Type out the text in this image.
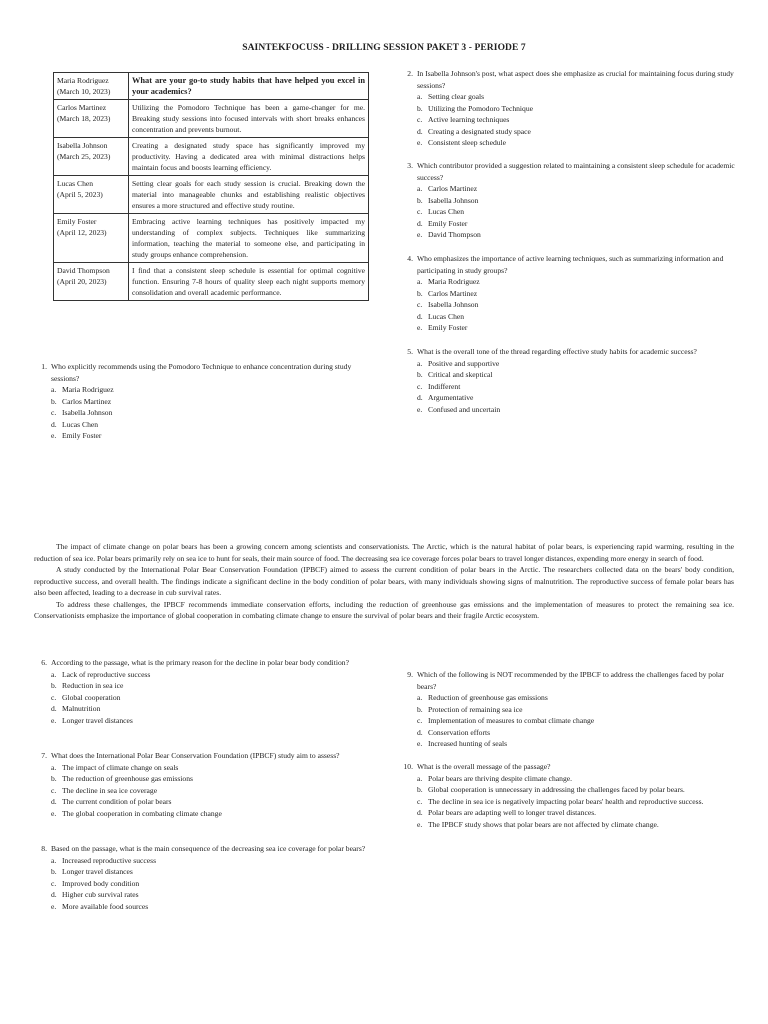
SAINTEKFOCUSS - DRILLING SESSION PAKET 3 - PERIODE 7
Maria Rodriguez
(March 10, 2023)	What are your go-to study habits that have helped you excel in your academics?

Carlos Martinez
(March 18, 2023)	Utilizing the Pomodoro Technique has been a game-changer for me. Breaking study sessions into focused intervals with short breaks enhances concentration and prevents burnout.

Isabella Johnson
(March 25, 2023)	Creating a designated study space has significantly improved my productivity. Having a dedicated area with minimal distractions helps maintain focus and boosts learning efficiency.

Lucas Chen
(April 5, 2023)	Setting clear goals for each study session is crucial. Breaking down the material into manageable chunks and establishing realistic objectives ensures a more structured and effective study routine.

Emily Foster
(April 12, 2023)	Embracing active learning techniques has positively impacted my understanding of complex subjects. Techniques like summarizing information, teaching the material to someone else, and participating in study groups enhance comprehension.

David Thompson
(April 20, 2023)	I find that a consistent sleep schedule is essential for optimal cognitive function. Ensuring 7-8 hours of quality sleep each night supports memory consolidation and overall academic performance.
1. Who explicitly recommends using the Pomodoro Technique to enhance concentration during study sessions?
a. Maria Rodriguez
b. Carlos Martinez
c. Isabella Johnson
d. Lucas Chen
e. Emily Foster
2. In Isabella Johnson's post, what aspect does she emphasize as crucial for maintaining focus during study sessions?
a. Setting clear goals
b. Utilizing the Pomodoro Technique
c. Active learning techniques
d. Creating a designated study space
e. Consistent sleep schedule
3. Which contributor provided a suggestion related to maintaining a consistent sleep schedule for academic success?
a. Carlos Martinez
b. Isabella Johnson
c. Lucas Chen
d. Emily Foster
e. David Thompson
4. Who emphasizes the importance of active learning techniques, such as summarizing information and participating in study groups?
a. Maria Rodriguez
b. Carlos Martinez
c. Isabella Johnson
d. Lucas Chen
e. Emily Foster
5. What is the overall tone of the thread regarding effective study habits for academic success?
a. Positive and supportive
b. Critical and skeptical
c. Indifferent
d. Argumentative
e. Confused and uncertain

The impact of climate change on polar bears has been a growing concern among scientists and conservationists. The Arctic, which is the natural habitat of polar bears, is experiencing rapid warming, resulting in the reduction of sea ice. Polar bears primarily rely on sea ice to hunt for seals, their main source of food. The decreasing sea ice coverage forces polar bears to travel longer distances, expending more energy in search of food.

A study conducted by the International Polar Bear Conservation Foundation (IPBCF) aimed to assess the current condition of polar bears in the Arctic. The researchers collected data on the bears' body condition, reproductive success, and overall health. The findings indicate a significant decline in the body condition of polar bears, with many individuals showing signs of malnutrition. The reproductive success of female polar bears has also been affected, leading to a decrease in cub survival rates.

To address these challenges, the IPBCF recommends immediate conservation efforts, including the reduction of greenhouse gas emissions and the implementation of measures to protect the remaining sea ice. Conservationists emphasize the importance of global cooperation in combating climate change to ensure the survival of polar bears and their fragile Arctic ecosystem.

6. According to the passage, what is the primary reason for the decline in polar bear body condition?
a. Lack of reproductive success
b. Reduction in sea ice
c. Global cooperation
d. Malnutrition
e. Longer travel distances
7. What does the International Polar Bear Conservation Foundation (IPBCF) study aim to assess?
a. The impact of climate change on seals
b. The reduction of greenhouse gas emissions
c. The decline in sea ice coverage
d. The current condition of polar bears
e. The global cooperation in combating climate change
8. Based on the passage, what is the main consequence of the decreasing sea ice coverage for polar bears?
a. Increased reproductive success
b. Longer travel distances
c. Improved body condition
d. Higher cub survival rates
e. More available food sources
9. Which of the following is NOT recommended by the IPBCF to address the challenges faced by polar bears?
a. Reduction of greenhouse gas emissions
b. Protection of remaining sea ice
c. Implementation of measures to combat climate change
d. Conservation efforts
e. Increased hunting of seals
10. What is the overall message of the passage?
a. Polar bears are thriving despite climate change.
b. Global cooperation is unnecessary in addressing the challenges faced by polar bears.
c. The decline in sea ice is negatively impacting polar bears' health and reproductive success.
d. Polar bears are adapting well to longer travel distances.
e. The IPBCF study shows that polar bears are not affected by climate change.
